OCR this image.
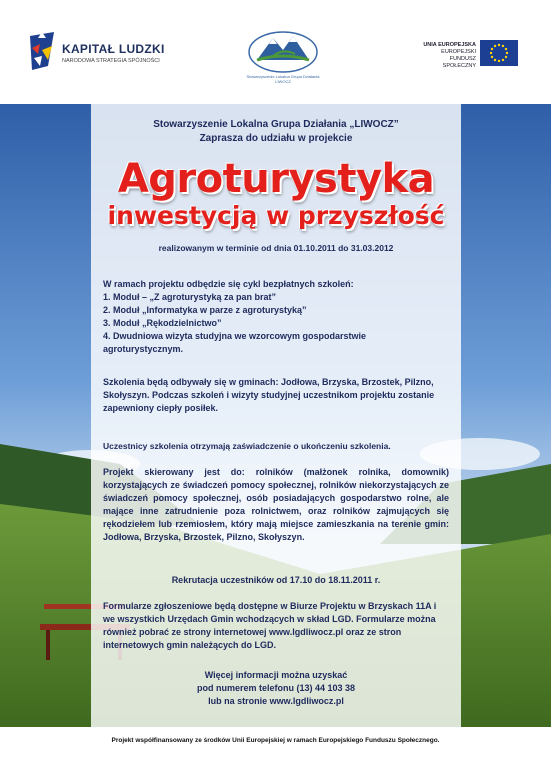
KAPITAŁ LUDZKI
NARODOWA STRATEGIA SPÓJNOŚCI
Stowarzyszenie Lokalna Grupa Działania LIWOCZ
UNIA EUROPEJSKA
EUROPEJSKI
FUNDUSZ SPOŁECZNY
Stowarzyszenie Lokalna Grupa Działania „LIWOCZ”
Zaprasza do udziału w projekcie
Agroturystyka
inwestycją w przyszłość
realizowanym w terminie od dnia 01.10.2011 do 31.03.2012
W ramach projektu odbędzie się cykl bezpłatnych szkoleń:
1. Moduł – „Z agroturystyką za pan brat”
2. Moduł „Informatyka w parze z agroturystyką”
3. Moduł „Rękodzielnictwo”
4. Dwudniowa wizyta studyjna we wzorcowym gospodarstwie
agroturystycznym.
Szkolenia będą odbywały się w gminach: Jodłowa, Brzyska, Brzostek, Pilzno, Skołyszyn. Podczas szkoleń i wizyty studyjnej uczestnikom projektu zostanie zapewniony ciepły posiłek.
Uczestnicy szkolenia otrzymają zaświadczenie o ukończeniu szkolenia.
Projekt skierowany jest do: rolników (małżonek rolnika, domownik) korzystających ze świadczeń pomocy społecznej, rolników niekorzystających ze świadczeń pomocy społecznej, osób posiadających gospodarstwo rolne, ale mające inne zatrudnienie poza rolnictwem, oraz rolników zajmujących się rękodziełem lub rzemiosłem, który mają miejsce zamieszkania na terenie gmin: Jodłowa, Brzyska, Brzostek, Pilzno, Skołyszyn.
Rekrutacja uczestników od 17.10 do 18.11.2011 r.
Formularze zgłoszeniowe będą dostępne w Biurze Projektu w Brzyskach 11A i we wszystkich Urzędach Gmin wchodzących w skład LGD. Formularze można również pobrać ze strony internetowej www.lgdliwocz.pl oraz ze stron internetowych gmin należących do LGD.
Więcej informacji można uzyskać
pod numerem telefonu (13) 44 103 38
lub na stronie www.lgdliwocz.pl
Projekt współfinansowany ze środków Unii Europejskiej w ramach Europejskiego Funduszu Społecznego.
